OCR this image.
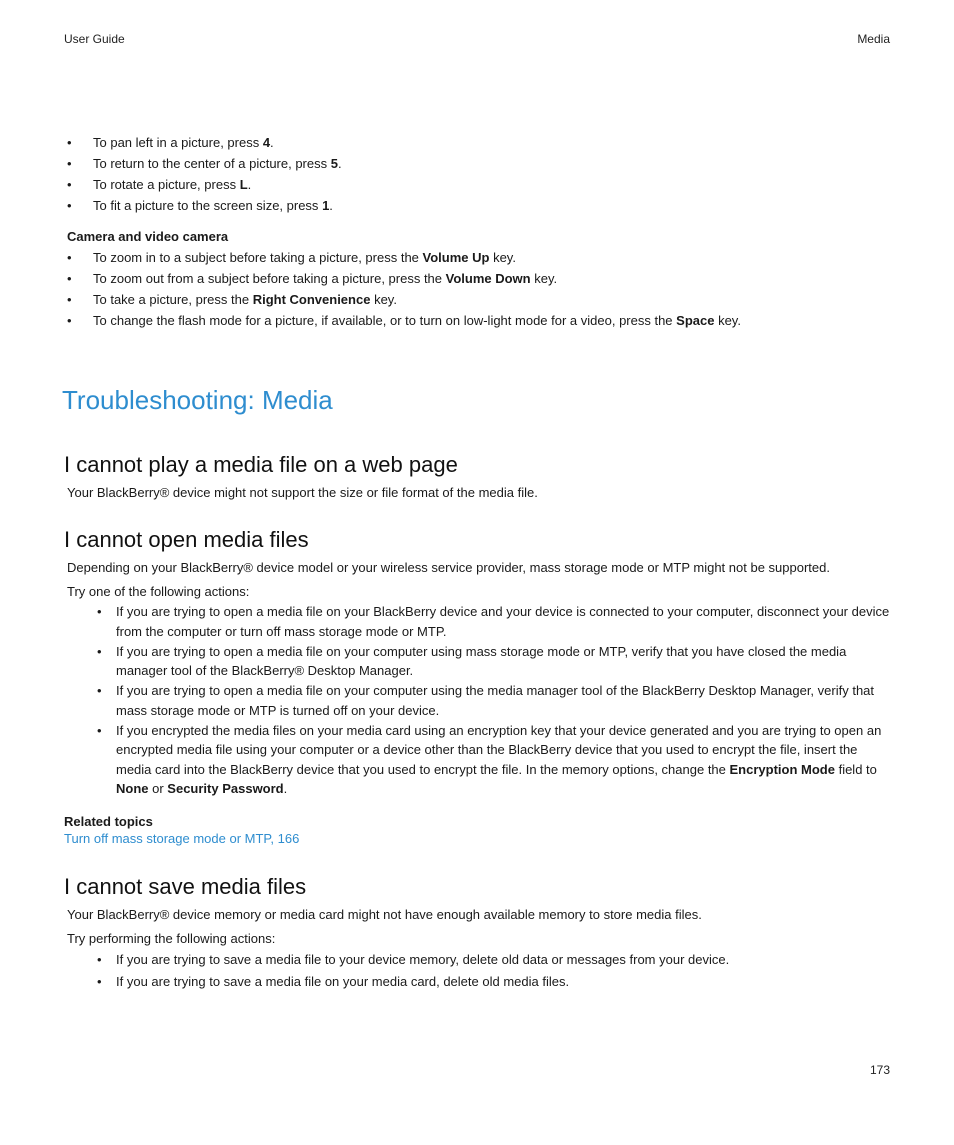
User Guide	Media
• To pan left in a picture, press 4.
• To return to the center of a picture, press 5.
• To rotate a picture, press L.
• To fit a picture to the screen size, press 1.
Camera and video camera
• To zoom in to a subject before taking a picture, press the Volume Up key.
• To zoom out from a subject before taking a picture, press the Volume Down key.
• To take a picture, press the Right Convenience key.
• To change the flash mode for a picture, if available, or to turn on low-light mode for a video, press the Space key.
Troubleshooting: Media
I cannot play a media file on a web page

Your BlackBerry® device might not support the size or file format of the media file.

I cannot open media files

Depending on your BlackBerry® device model or your wireless service provider, mass storage mode or MTP might not be supported.

Try one of the following actions:

• If you are trying to open a media file on your BlackBerry device and your device is connected to your computer, disconnect your device from the computer or turn off mass storage mode or MTP.
• If you are trying to open a media file on your computer using mass storage mode or MTP, verify that you have closed the media manager tool of the BlackBerry® Desktop Manager.
• If you are trying to open a media file on your computer using the media manager tool of the BlackBerry Desktop Manager, verify that mass storage mode or MTP is turned off on your device.
• If you encrypted the media files on your media card using an encryption key that your device generated and you are trying to open an encrypted media file using your computer or a device other than the BlackBerry device that you used to encrypt the file, insert the media card into the BlackBerry device that you used to encrypt the file. In the memory options, change the Encryption Mode field to None or Security Password.
Related topics
Turn off mass storage mode or MTP, 166
I cannot save media files

Your BlackBerry® device memory or media card might not have enough available memory to store media files.

Try performing the following actions:

• If you are trying to save a media file to your device memory, delete old data or messages from your device.
• If you are trying to save a media file on your media card, delete old media files.
173
